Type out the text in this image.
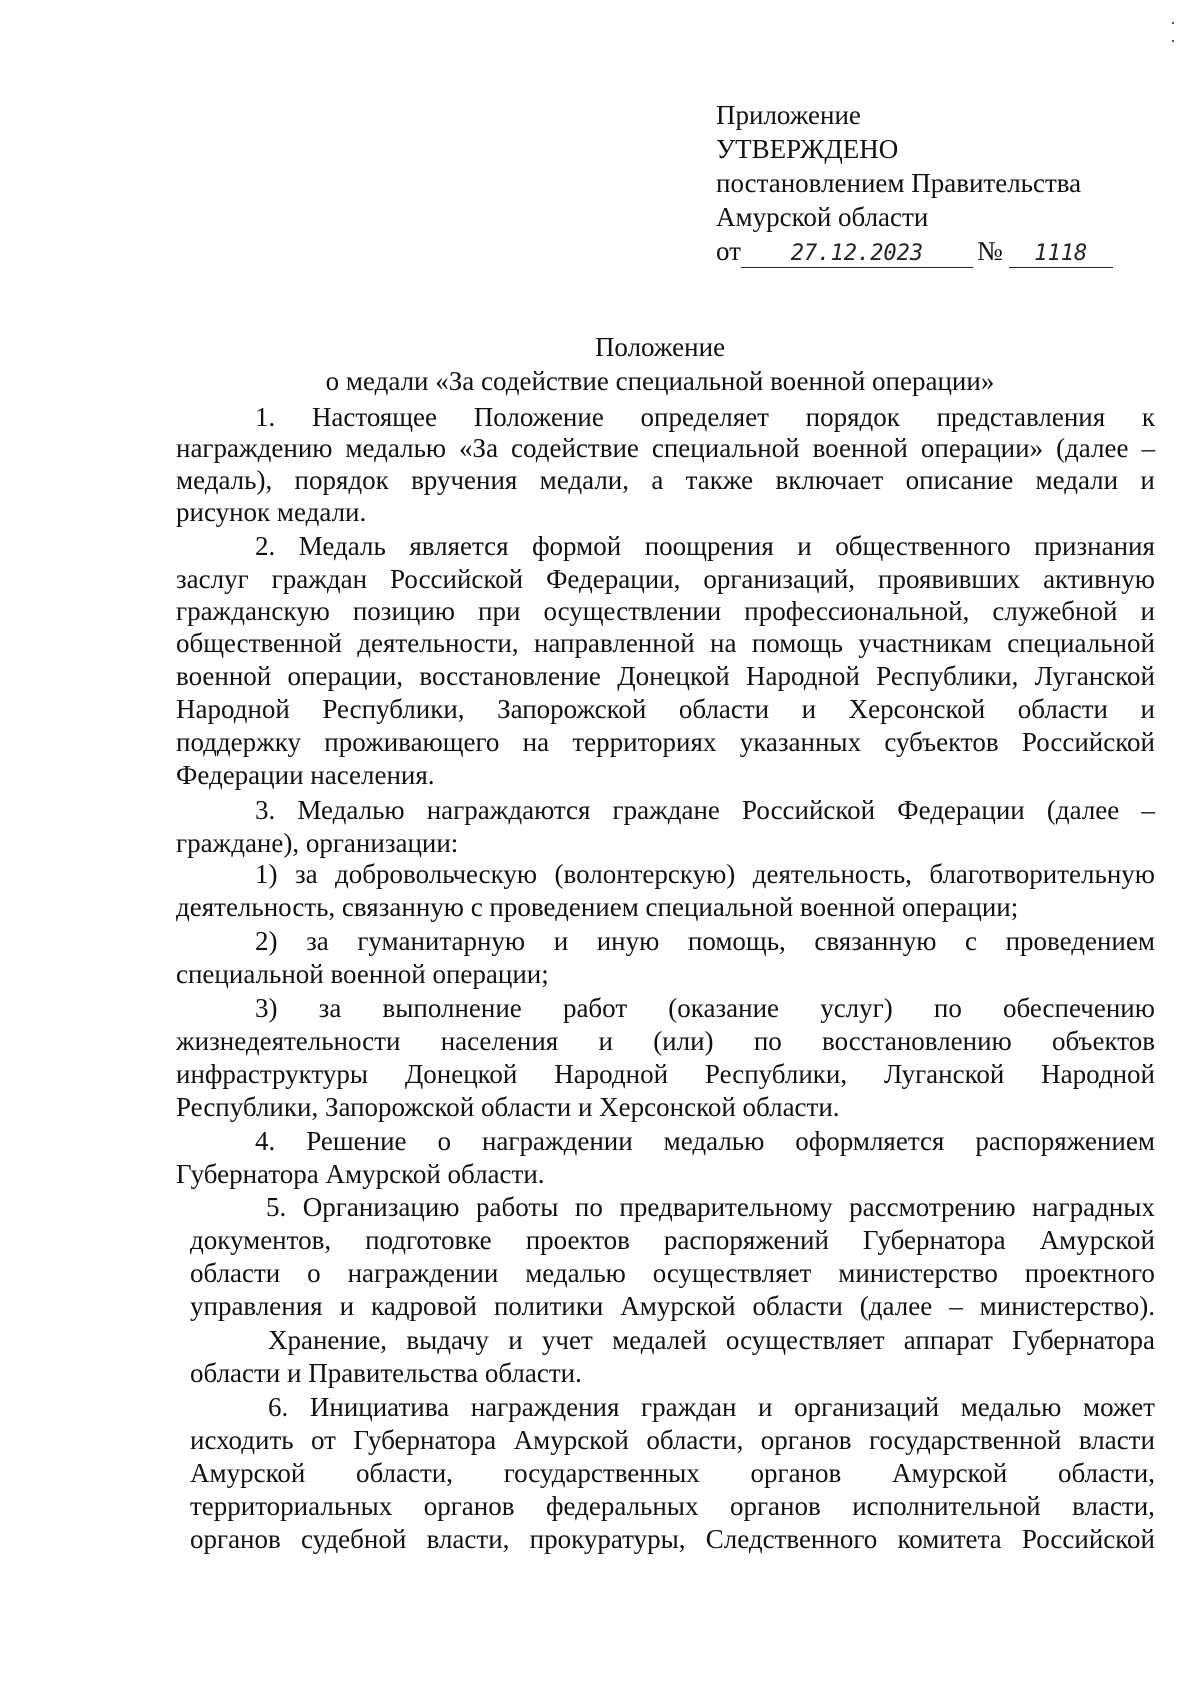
Приложение
УТВЕРЖДЕНО
постановлением Правительства
Амурской области
от	27.12.2023	№	1118
Положение
о медали «За содействие специальной военной операции»
1. Настоящее Положение определяет порядок представления к
награждению медалью «За содействие специальной военной операции» (далее –
медаль), порядок вручения медали, а также включает описание медали и
рисунок медали.
2. Медаль является формой поощрения и общественного признания
заслуг граждан Российской Федерации, организаций, проявивших активную
гражданскую позицию при осуществлении профессиональной, служебной и
общественной деятельности, направленной на помощь участникам специальной
военной операции, восстановление Донецкой Народной Республики, Луганской
Народной Республики, Запорожской области и Херсонской области и
поддержку проживающего на территориях указанных субъектов Российской
Федерации населения.
3. Медалью награждаются граждане Российской Федерации (далее –
граждане), организации:
1) за добровольческую (волонтерскую) деятельность, благотворительную
деятельность, связанную с проведением специальной военной операции;
2) за гуманитарную и иную помощь, связанную с проведением
специальной военной операции;
3) за выполнение работ (оказание услуг) по обеспечению
жизнедеятельности населения и (или) по восстановлению объектов
инфраструктуры Донецкой Народной Республики, Луганской Народной
Республики, Запорожской области и Херсонской области.
4. Решение о награждении медалью оформляется распоряжением
Губернатора Амурской области.
5. Организацию работы по предварительному рассмотрению наградных
документов, подготовке проектов распоряжений Губернатора Амурской
области о награждении медалью осуществляет министерство проектного
управления и кадровой политики Амурской области (далее – министерство).
Хранение, выдачу и учет медалей осуществляет аппарат Губернатора
области и Правительства области.
6. Инициатива награждения граждан и организаций медалью может
исходить от Губернатора Амурской области, органов государственной власти
Амурской области, государственных органов Амурской области,
территориальных органов федеральных органов исполнительной власти,
органов судебной власти, прокуратуры, Следственного комитета Российской
